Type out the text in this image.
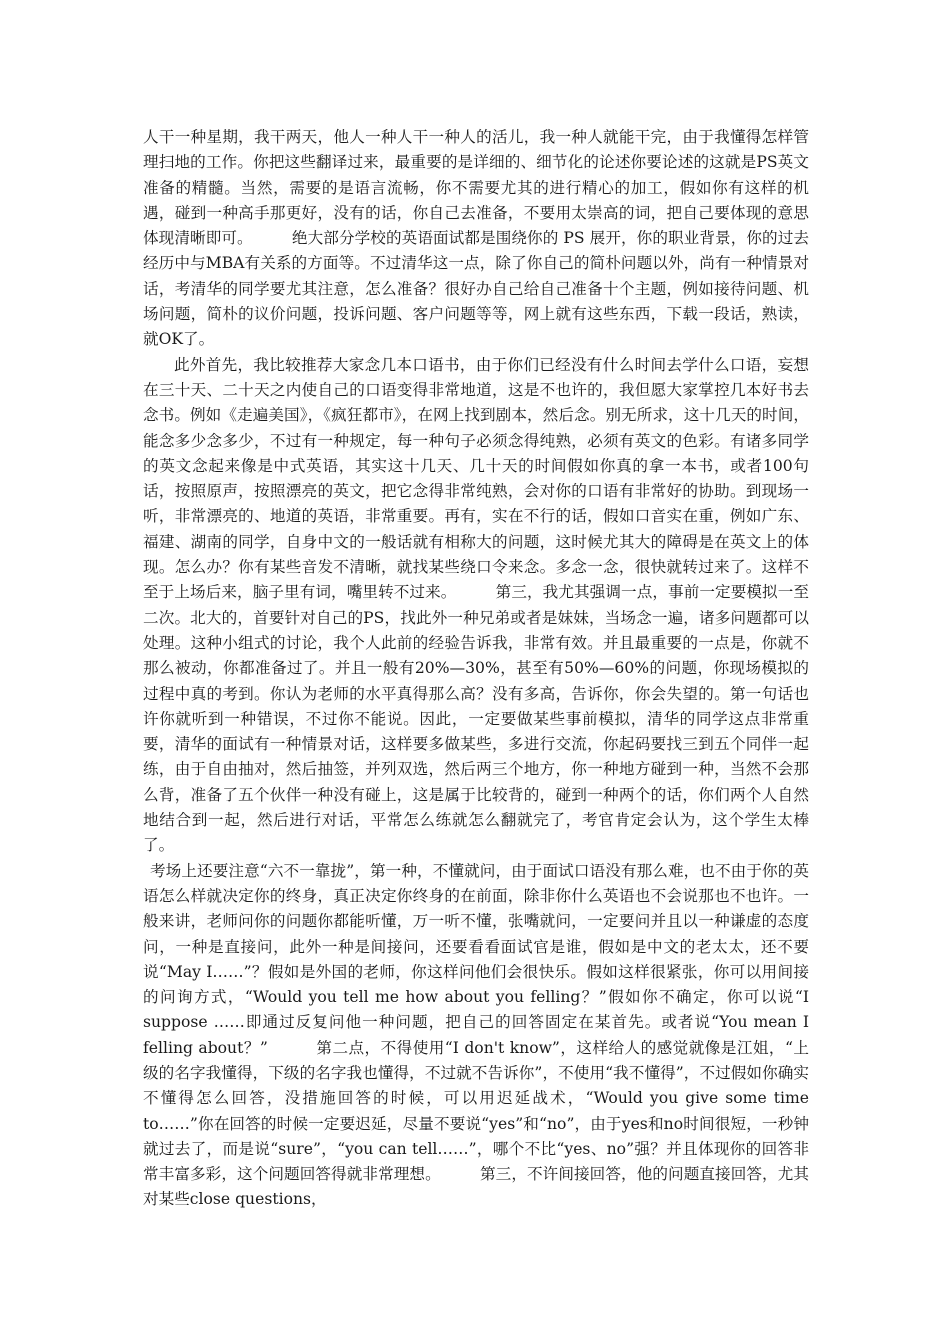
人干一种星期，我干两天，他人一种人干一种人的活儿，我一种人就能干完，由于我懂得怎样管理扫地的工作。你把这些翻译过来，最重要的是详细的、细节化的论述你要论述的这就是PS英文准备的精髓。当然，需要的是语言流畅，你不需要尤其的进行精心的加工，假如你有这样的机遇，碰到一种高手那更好，没有的话，你自己去准备，不要用太崇高的词，把自己要体现的意思体现清晰即可。　　　绝大部分学校的英语面试都是围绕你的 PS 展开，你的职业背景，你的过去经历中与MBA有关系的方面等。不过清华这一点，除了你自己的简朴问题以外，尚有一种情景对话，考清华的同学要尤其注意，怎么准备？很好办自己给自己准备十个主题，例如接待问题、机场问题，简朴的议价问题，投诉问题、客户问题等等，网上就有这些东西，下载一段话，熟读，就OK了。

此外首先，我比较推荐大家念几本口语书，由于你们已经没有什么时间去学什么口语，妄想在三十天、二十天之内使自己的口语变得非常地道，这是不也许的，我但愿大家掌控几本好书去念书。例如《走遍美国》，《疯狂都市》，在网上找到剧本，然后念。别无所求，这十几天的时间，能念多少念多少，不过有一种规定，每一种句子必须念得纯熟，必须有英文的色彩。有诸多同学的英文念起来像是中式英语，其实这十几天、几十天的时间假如你真的拿一本书，或者100句话，按照原声，按照漂亮的英文，把它念得非常纯熟，会对你的口语有非常好的协助。到现场一听，非常漂亮的、地道的英语，非常重要。再有，实在不行的话，假如口音实在重，例如广东、福建、湖南的同学，自身中文的一般话就有相称大的问题，这时候尤其大的障碍是在英文上的体现。怎么办？你有某些音发不清晰，就找某些绕口令来念。多念一念，很快就转过来了。这样不至于上场后来，脑子里有词，嘴里转不过来。　　　第三，我尤其强调一点，事前一定要模拟一至二次。北大的，首要针对自己的PS，找此外一种兄弟或者是妹妹，当场念一遍，诸多问题都可以处理。这种小组式的讨论，我个人此前的经验告诉我，非常有效。并且最重要的一点是，你就不那么被动，你都准备过了。并且一般有20%—30%，甚至有50%—60%的问题，你现场模拟的过程中真的考到。你认为老师的水平真得那么高？没有多高，告诉你，你会失望的。第一句话也许你就听到一种错误，不过你不能说。因此，一定要做某些事前模拟，清华的同学这点非常重要，清华的面试有一种情景对话，这样要多做某些，多进行交流，你起码要找三到五个同伴一起练，由于自由抽对，然后抽签，并列双选，然后两三个地方，你一种地方碰到一种，当然不会那么背，准备了五个伙伴一种没有碰上，这是属于比较背的，碰到一种两个的话，你们两个人自然地结合到一起，然后进行对话，平常怎么练就怎么翻就完了，考官肯定会认为，这个学生太棒了。

考场上还要注意“六不一靠拢”，第一种，不懂就问，由于面试口语没有那么难，也不由于你的英语怎么样就决定你的终身，真正决定你终身的在前面，除非你什么英语也不会说那也不也许。一般来讲，老师问你的问题你都能听懂，万一听不懂，张嘴就问，一定要问并且以一种谦虚的态度问，一种是直接问，此外一种是间接问，还要看看面试官是谁，假如是中文的老太太，还不要说“May I……”？假如是外国的老师，你这样问他们会很快乐。假如这样很紧张，你可以用间接的问询方式，“Would you tell me how about you felling？”假如你不确定，你可以说“I suppose ……即通过反复问他一种问题，把自己的回答固定在某首先。或者说“You mean I felling about？”　　　第二点，不得使用“I don't know”，这样给人的感觉就像是江姐，“上级的名字我懂得，下级的名字我也懂得，不过就不告诉你”，不使用“我不懂得”，不过假如你确实不懂得怎么回答，没措施回答的时候，可以用迟延战术，“Would you give some time to……”你在回答的时候一定要迟延，尽量不要说“yes”和“no”，由于yes和no时间很短，一秒钟就过去了，而是说“sure”，“you can tell……”，哪个不比“yes、no”强？并且体现你的回答非常丰富多彩，这个问题回答得就非常理想。　　　第三，不许间接回答，他的问题直接回答，尤其对某些close questions，
